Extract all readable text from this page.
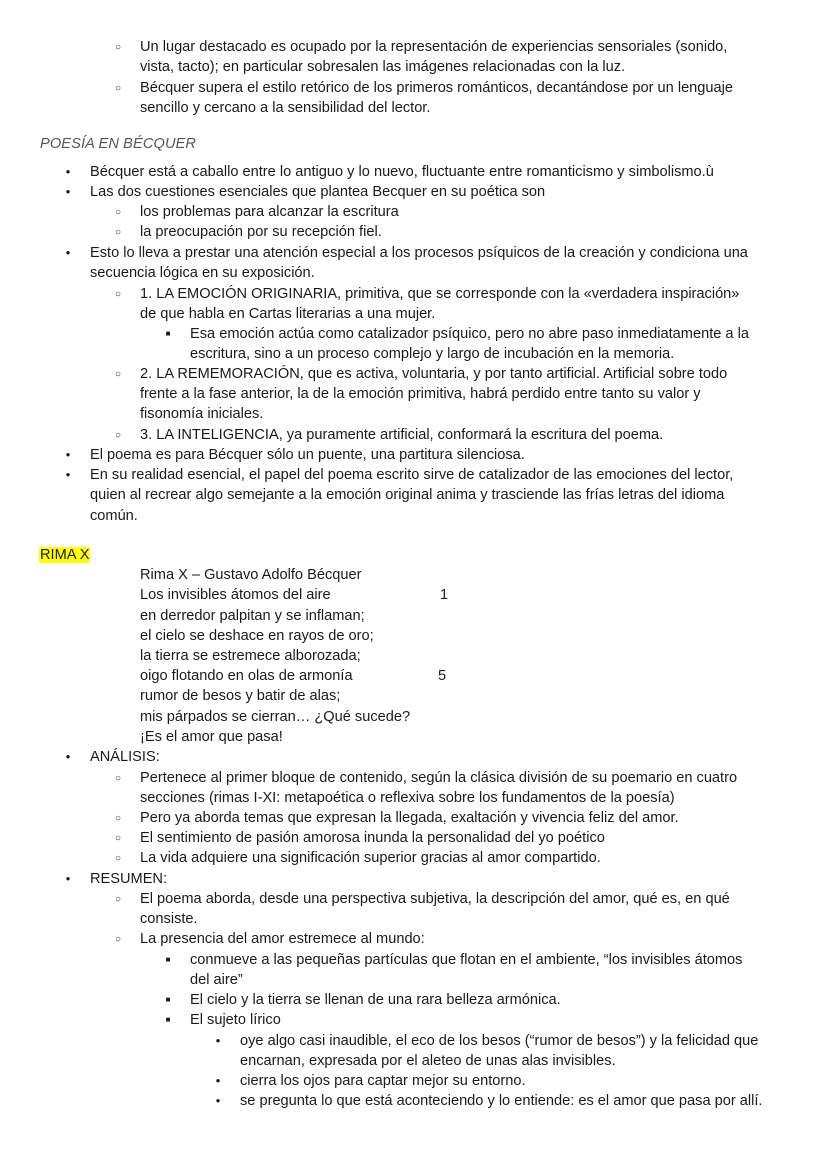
○
Un lugar destacado es ocupado por la representación de experiencias sensoriales (sonido,
vista, tacto); en particular sobresalen las imágenes relacionadas con la luz.
○
Bécquer supera el estilo retórico de los primeros románticos, decantándose por un lenguaje
sencillo y cercano a la sensibilidad del lector.
POESÍA EN BÉCQUER
●
Bécquer está a caballo entre lo antiguo y lo nuevo, fluctuante entre romanticismo y simbolismo.ù
●
Las dos cuestiones esenciales que plantea Becquer en su poética son
○
los problemas para alcanzar la escritura
○
la preocupación por su recepción fiel.
●
Esto lo lleva a prestar una atención especial a los procesos psíquicos de la creación y condiciona una
secuencia lógica en su exposición.
○
1. LA EMOCIÓN ORIGINARIA, primitiva, que se corresponde con la «verdadera inspiración»
de que habla en Cartas literarias a una mujer.
■
Esa emoción actúa como catalizador psíquico, pero no abre paso inmediatamente a la
escritura, sino a un proceso complejo y largo de incubación en la memoria.
○
2. LA REMEMORACIÓN, que es activa, voluntaria, y por tanto artificial. Artificial sobre todo
frente a la fase anterior, la de la emoción primitiva, habrá perdido entre tanto su valor y
fisonomía iniciales.
○
3. LA INTELIGENCIA, ya puramente artificial, conformará la escritura del poema.
●
El poema es para Bécquer sólo un puente, una partitura silenciosa.
●
En su realidad esencial, el papel del poema escrito sirve de catalizador de las emociones del lector,
quien al recrear algo semejante a la emoción original anima y trasciende las frías letras del idioma
común.
RIMA X
Rima X – Gustavo Adolfo Bécquer
Los invisibles átomos del aire	1
en derredor palpitan y se inflaman;
el cielo se deshace en rayos de oro;
la tierra se estremece alborozada;
oigo flotando en olas de armonía	5
rumor de besos y batir de alas;
mis párpados se cierran… ¿Qué sucede?
¡Es el amor que pasa!
●
ANÁLISIS:
○
Pertenece al primer bloque de contenido, según la clásica división de su poemario en cuatro
secciones (rimas I-XI: metapoética o reflexiva sobre los fundamentos de la poesía)
○
Pero ya aborda temas que expresan la llegada, exaltación y vivencia feliz del amor.
○
El sentimiento de pasión amorosa inunda la personalidad del yo poético
○
La vida adquiere una significación superior gracias al amor compartido.
●
RESUMEN:
○
El poema aborda, desde una perspectiva subjetiva, la descripción del amor, qué es, en qué
consiste.
○
La presencia del amor estremece al mundo:
■
conmueve a las pequeñas partículas que flotan en el ambiente, “los invisibles átomos
del aire”
■
El cielo y la tierra se llenan de una rara belleza armónica.
■
El sujeto lírico
●
oye algo casi inaudible, el eco de los besos (“rumor de besos”) y la felicidad que
encarnan, expresada por el aleteo de unas alas invisibles.
●
cierra los ojos para captar mejor su entorno.
●
se pregunta lo que está aconteciendo y lo entiende: es el amor que pasa por allí.
